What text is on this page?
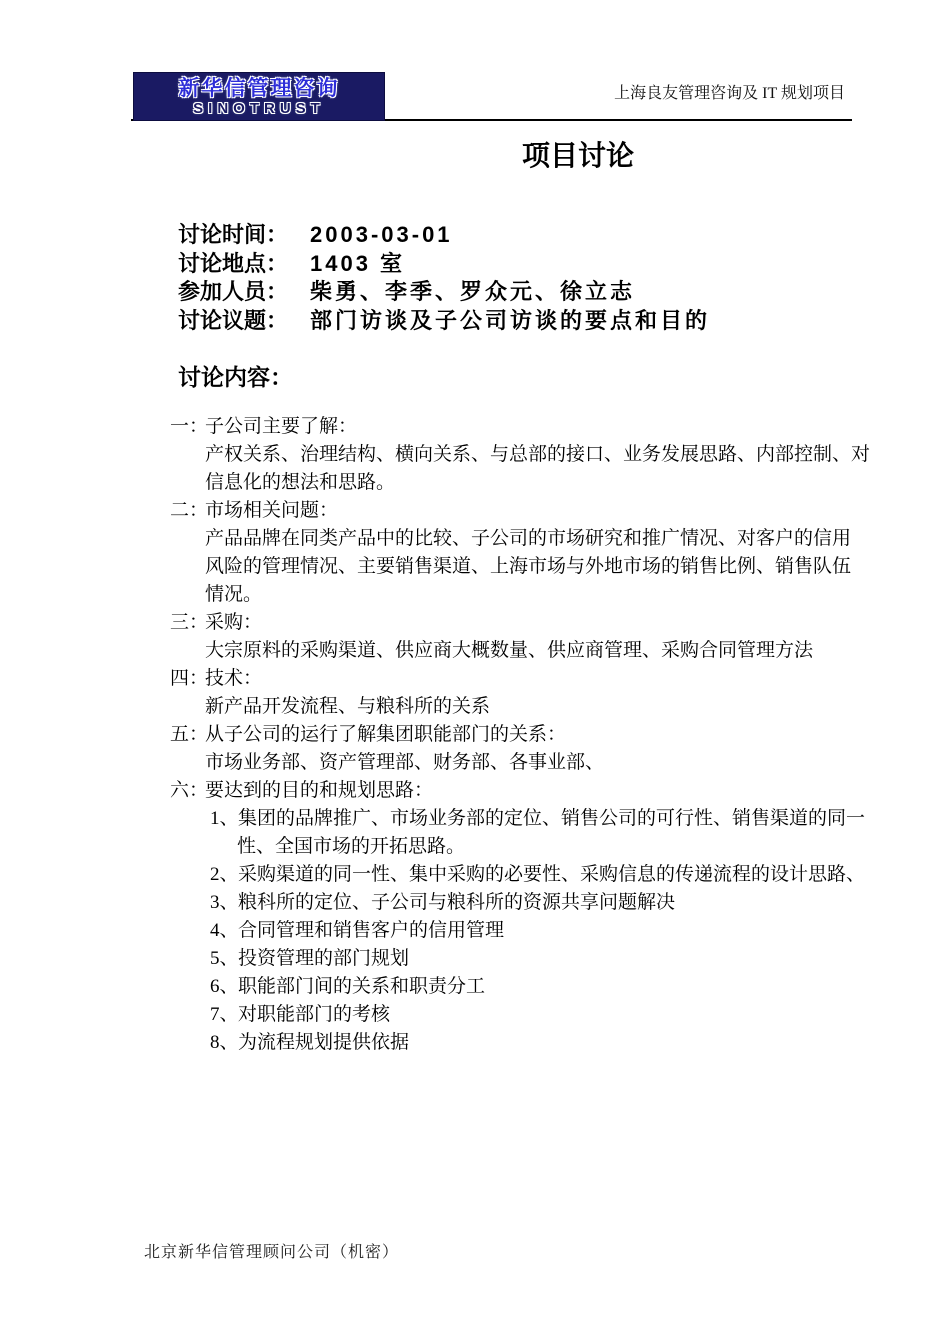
新华信管理咨询
SINOTRUST
上海良友管理咨询及 IT 规划项目
项目讨论
讨论时间： 2003-03-01
讨论地点： 1403 室
参加人员： 柴勇、李季、罗众元、徐立志
讨论议题： 部门访谈及子公司访谈的要点和目的
讨论内容：
一：
子公司主要了解：
产权关系、治理结构、横向关系、与总部的接口、业务发展思路、内部控制、对
信息化的想法和思路。
二：
市场相关问题：
产品品牌在同类产品中的比较、子公司的市场研究和推广情况、对客户的信用
风险的管理情况、主要销售渠道、上海市场与外地市场的销售比例、销售队伍
情况。
三：
采购：
大宗原料的采购渠道、供应商大概数量、供应商管理、采购合同管理方法
四：
技术：
新产品开发流程、与粮科所的关系
五：
从子公司的运行了解集团职能部门的关系：
市场业务部、资产管理部、财务部、各事业部、
六：
要达到的目的和规划思路：
1、 集团的品牌推广、市场业务部的定位、销售公司的可行性、销售渠道的同一
性、全国市场的开拓思路。
2、 采购渠道的同一性、集中采购的必要性、采购信息的传递流程的设计思路、
3、 粮科所的定位、子公司与粮科所的资源共享问题解决
4、 合同管理和销售客户的信用管理
5、 投资管理的部门规划
6、 职能部门间的关系和职责分工
7、 对职能部门的考核
8、 为流程规划提供依据
北京新华信管理顾问公司（机密）
